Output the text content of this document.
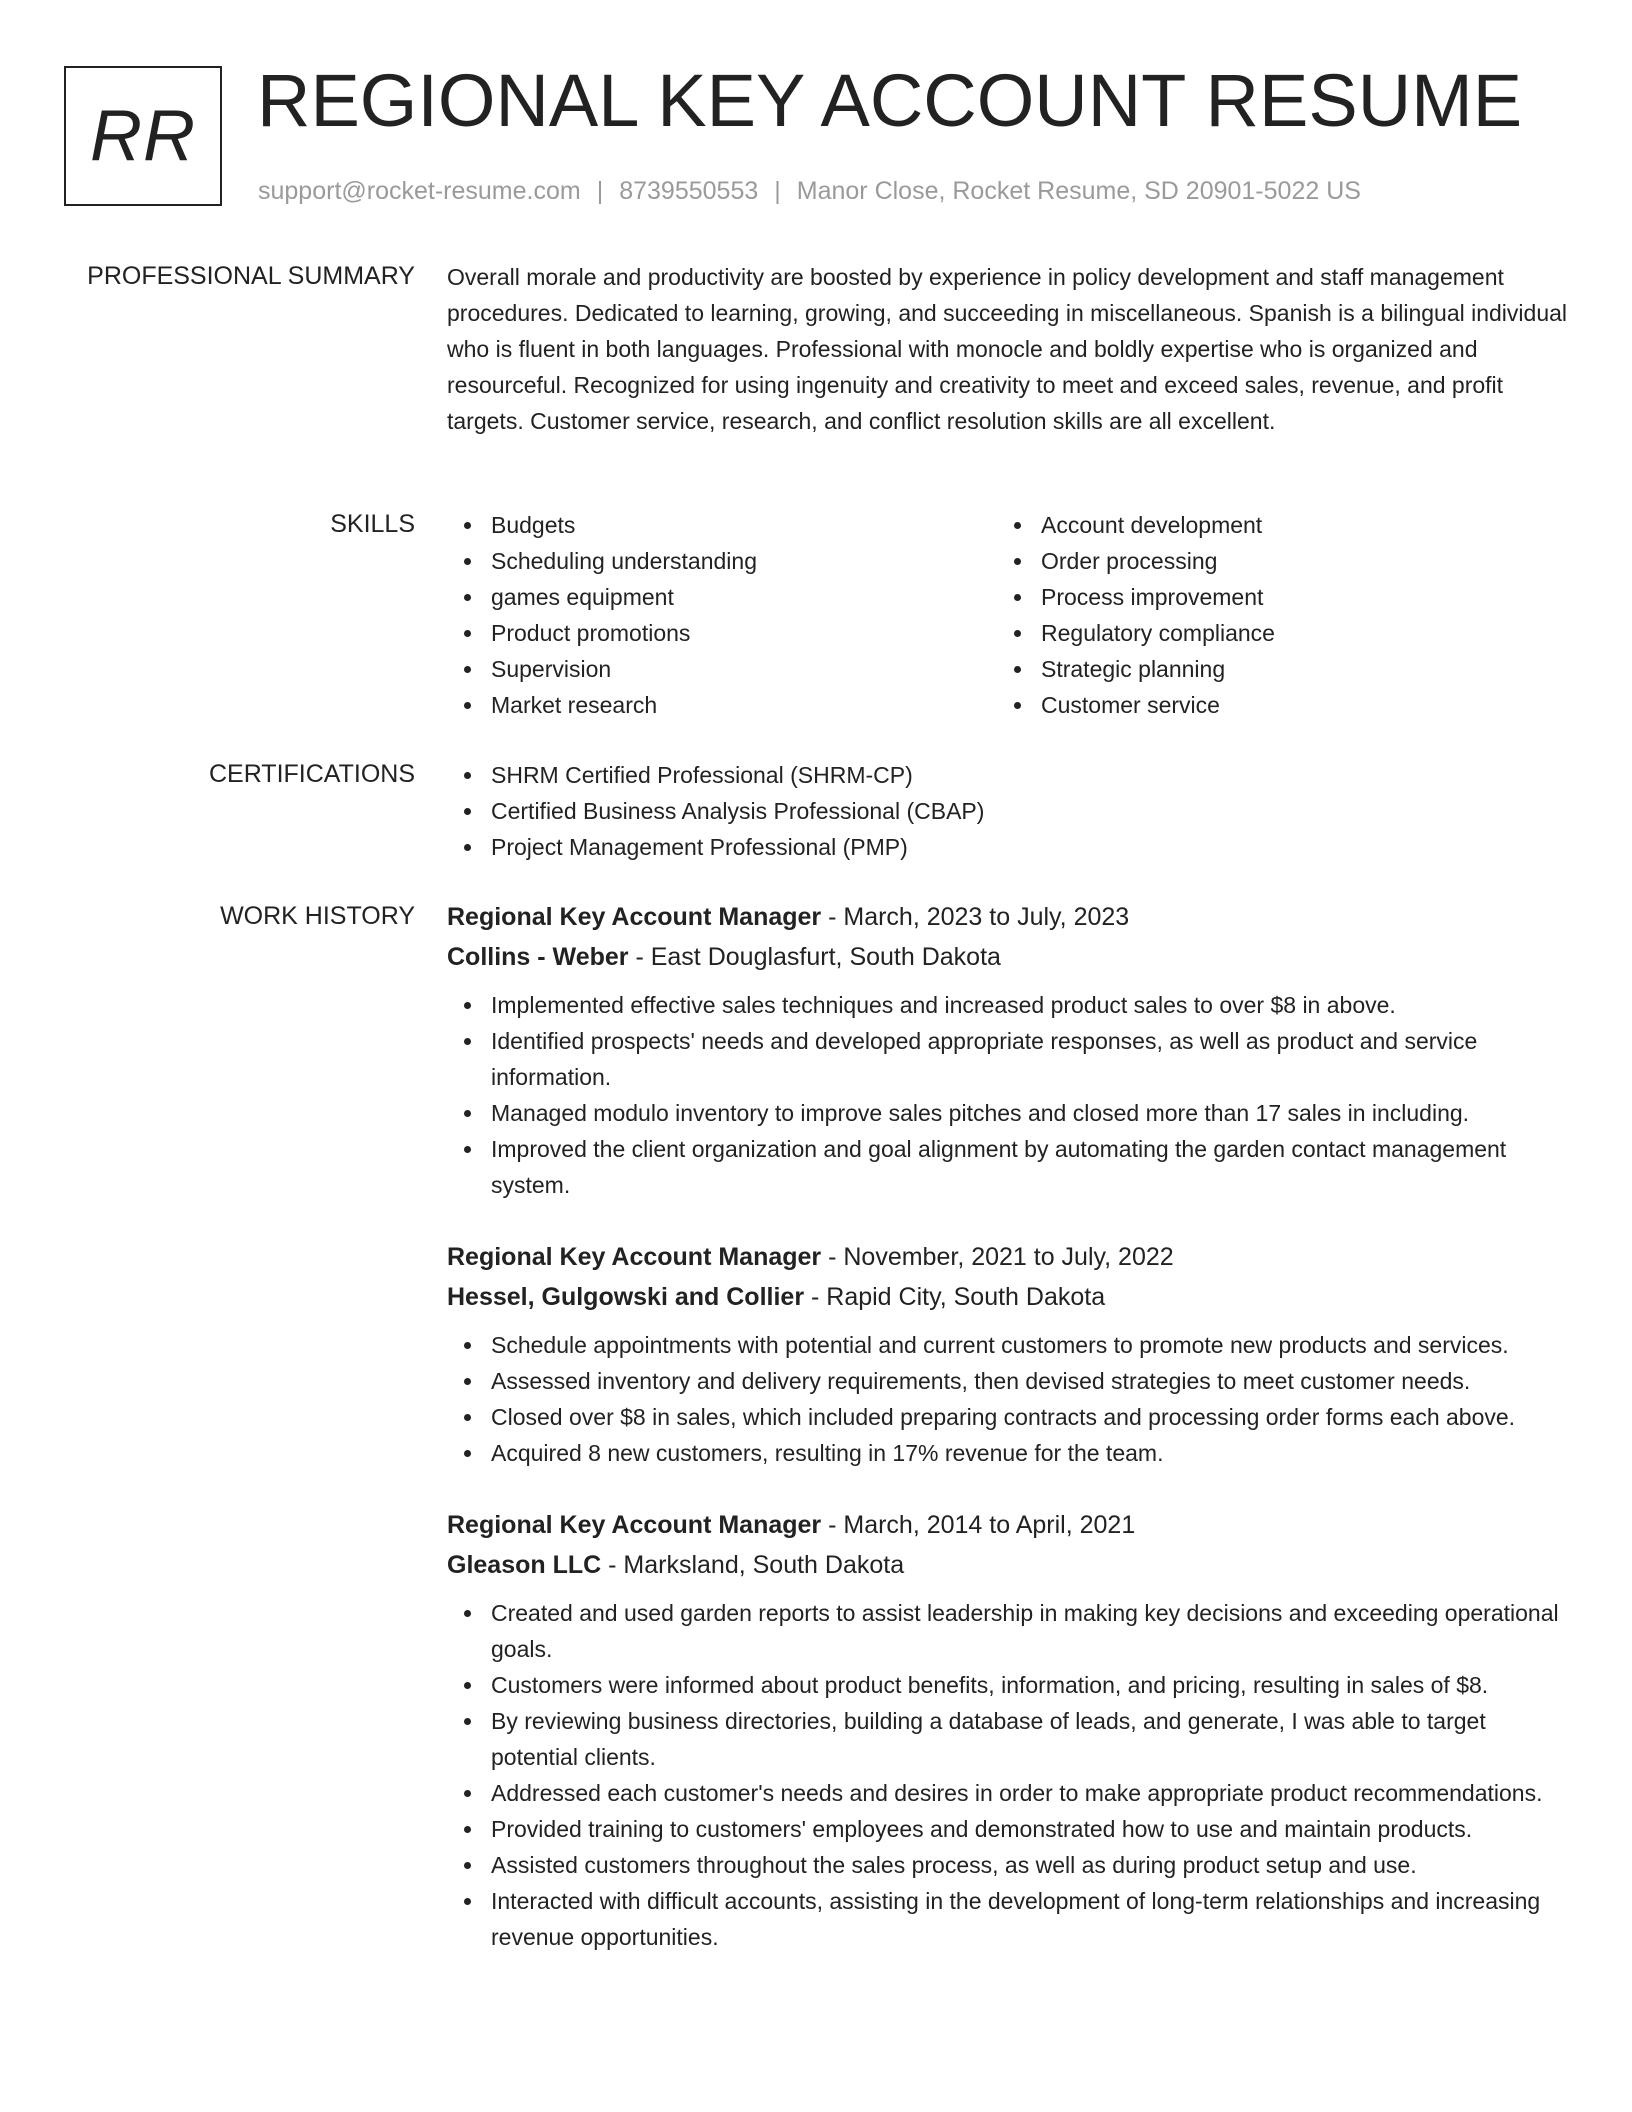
RR REGIONAL KEY ACCOUNT RESUME
support@rocket-resume.com | 8739550553 | Manor Close, Rocket Resume, SD 20901-5022 US
PROFESSIONAL SUMMARY Overall morale and productivity are boosted by experience in policy development and staff management procedures. Dedicated to learning, growing, and succeeding in miscellaneous. Spanish is a bilingual individual who is fluent in both languages. Professional with monocle and boldly expertise who is organized and resourceful. Recognized for using ingenuity and creativity to meet and exceed sales, revenue, and profit targets. Customer service, research, and conflict resolution skills are all excellent.

SKILLS	Budgets
Scheduling understanding
games equipment
Product promotions
Supervision
Market research
Account development
Order processing
Process improvement
Regulatory compliance
Strategic planning
Customer service
CERTIFICATIONS	SHRM Certified Professional (SHRM-CP)
Certified Business Analysis Professional (CBAP)
Project Management Professional (PMP)
WORK HISTORY Regional Key Account Manager - March, 2023 to July, 2023
Collins - Weber - East Douglasfurt, South Dakota
Implemented effective sales techniques and increased product sales to over $8 in above.
Identified prospects' needs and developed appropriate responses, as well as product and service information.
Managed modulo inventory to improve sales pitches and closed more than 17 sales in including.
Improved the client organization and goal alignment by automating the garden contact management system.
Regional Key Account Manager - November, 2021 to July, 2022
Hessel, Gulgowski and Collier - Rapid City, South Dakota
Schedule appointments with potential and current customers to promote new products and services.
Assessed inventory and delivery requirements, then devised strategies to meet customer needs.
Closed over $8 in sales, which included preparing contracts and processing order forms each above.
Acquired 8 new customers, resulting in 17% revenue for the team.
Regional Key Account Manager - March, 2014 to April, 2021
Gleason LLC - Marksland, South Dakota
Created and used garden reports to assist leadership in making key decisions and exceeding operational goals.
Customers were informed about product benefits, information, and pricing, resulting in sales of $8.
By reviewing business directories, building a database of leads, and generate, I was able to target potential clients.
Addressed each customer's needs and desires in order to make appropriate product recommendations.
Provided training to customers' employees and demonstrated how to use and maintain products.
Assisted customers throughout the sales process, as well as during product setup and use.
Interacted with difficult accounts, assisting in the development of long-term relationships and increasing revenue opportunities.
